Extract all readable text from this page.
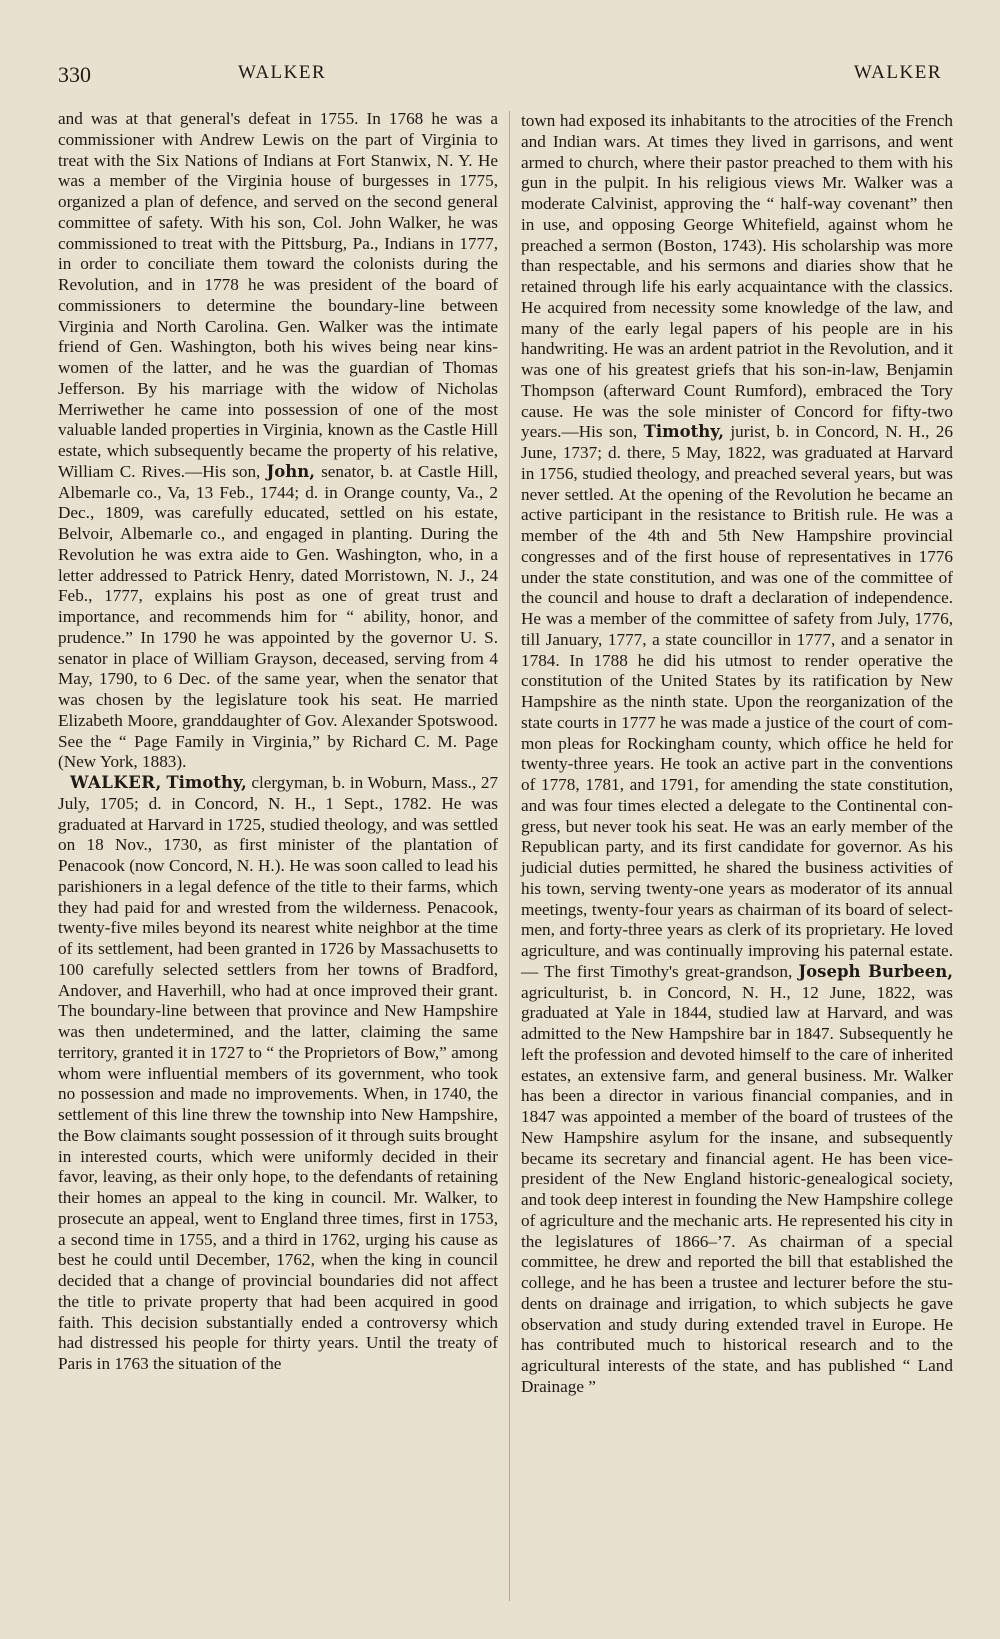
330	WALKER	WALKER

and was at that general's defeat in 1755. In 1768 he was a commissioner with Andrew Lewis on the part of Virginia to treat with the Six Nations of Indians at Fort Stanwix, N. Y. He was a member of the Virginia house of burgesses in 1775, organized a plan of defence, and served on the second general committee of safety. With his son, Col. John Walker, he was commissioned to treat with the Pittsburg, Pa., Indians in 1777, in order to conciliate them toward the colonists during the Revolution, and in 1778 he was president of the board of commissioners to determine the boundary-line between Virginia and North Carolina. Gen. Walker was the intimate friend of Gen. Washington, both his wives being near kinswomen of the latter, and he was the guardian of Thomas Jefferson. By his marriage with the widow of Nicholas Merriwether he came into possession of one of the most valuable landed properties in Virginia, known as the Castle Hill estate, which subsequently became the property of his relative, William C. Rives.—His son, John, senator, b. at Castle Hill, Albemarle co., Va, 13 Feb., 1744; d. in Orange county, Va., 2 Dec., 1809, was carefully educated, settled on his estate, Belvoir, Albemarle co., and engaged in planting. During the Revolution he was extra aide to Gen. Washington, who, in a letter addressed to Patrick Henry, dated Morristown, N. J., 24 Feb., 1777, explains his post as one of great trust and importance, and recommends him for “ ability, honor, and prudence.” In 1790 he was appointed by the governor U. S. senator in place of William Grayson, deceased, serving from 4 May, 1790, to 6 Dec. of the same year, when the senator that was chosen by the legislature took his seat. He married Elizabeth Moore, granddaughter of Gov. Alexander Spotswood. See the “ Page Family in Virginia,” by Richard C. M. Page (New York, 1883).

WALKER, Timothy, clergyman, b. in Woburn, Mass., 27 July, 1705; d. in Concord, N. H., 1 Sept., 1782. He was graduated at Harvard in 1725, studied theology, and was settled on 18 Nov., 1730, as first minister of the plantation of Penacook (now Concord, N. H.). He was soon called to lead his parishioners in a legal defence of the title to their farms, which they had paid for and wrested from the wilderness. Penacook, twenty-five miles beyond its nearest white neighbor at the time of its settlement, had been granted in 1726 by Massachusetts to 100 carefully selected settlers from her towns of Bradford, Andover, and Haverhill, who had at once improved their grant. The boundary-line between that province and New Hampshire was then undetermined, and the latter, claiming the same territory, granted it in 1727 to “ the Proprietors of Bow,” among whom were influential members of its government, who took no possession and made no improvements. When, in 1740, the settlement of this line threw the township into New Hampshire, the Bow claimants sought possession of it through suits brought in interested courts, which were uniformly decided in their favor, leaving, as their only hope, to the defendants of retaining their homes an appeal to the king in council. Mr. Walker, to prosecute an appeal, went to England three times, first in 1753, a second time in 1755, and a third in 1762, urging his cause as best he could until December, 1762, when the king in council decided that a change of provincial boundaries did not affect the title to private property that had been acquired in good faith. This decision substantially ended a controversy which had distressed his people for thirty years. Until the treaty of Paris in 1763 the situation of the

town had exposed its inhabitants to the atrocities of the French and Indian wars. At times they lived in garrisons, and went armed to church, where their pastor preached to them with his gun in the pulpit. In his religious views Mr. Walker was a moderate Calvinist, approving the “ half-way covenant” then in use, and opposing George Whitefield, against whom he preached a sermon (Boston, 1743). His scholarship was more than respectable, and his sermons and diaries show that he retained through life his early acquaintance with the classics. He acquired from necessity some knowledge of the law, and many of the early legal papers of his people are in his handwriting. He was an ardent patriot in the Revolution, and it was one of his greatest griefs that his son-in-law, Benjamin Thompson (afterward Count Rumford), embraced the Tory cause. He was the sole minister of Concord for fifty-two years.—His son, Timothy, jurist, b. in Concord, N. H., 26 June, 1737; d. there, 5 May, 1822, was graduated at Harvard in 1756, studied theology, and preached several years, but was never settled. At the opening of the Revolution he became an active participant in the resistance to British rule. He was a member of the 4th and 5th New Hampshire provincial congresses and of the first house of representatives in 1776 under the state constitution, and was one of the committee of the council and house to draft a declaration of independence. He was a member of the committee of safety from July, 1776, till January, 1777, a state councillor in 1777, and a senator in 1784. In 1788 he did his utmost to render operative the constitution of the United States by its ratification by New Hampshire as the ninth state. Upon the reorganization of the state courts in 1777 he was made a justice of the court of common pleas for Rockingham county, which office he held for twenty-three years. He took an active part in the conventions of 1778, 1781, and 1791, for amending the state constitution, and was four times elected a delegate to the Continental congress, but never took his seat. He was an early member of the Republican party, and its first candidate for governor. As his judicial duties permitted, he shared the business activities of his town, serving twenty-one years as moderator of its annual meetings, twenty-four years as chairman of its board of select-men, and forty-three years as clerk of its proprietary. He loved agriculture, and was continually improving his paternal estate.— The first Timothy's great-grandson, Joseph Burbeen, agriculturist, b. in Concord, N. H., 12 June, 1822, was graduated at Yale in 1844, studied law at Harvard, and was admitted to the New Hampshire bar in 1847. Subsequently he left the profession and devoted himself to the care of inherited estates, an extensive farm, and general business. Mr. Walker has been a director in various financial companies, and in 1847 was appointed a member of the board of trustees of the New Hampshire asylum for the insane, and subsequently became its secretary and financial agent. He has been vice-president of the New England historic-genealogical society, and took deep interest in founding the New Hampshire college of agriculture and the mechanic arts. He represented his city in the legislatures of 1866–’7. As chairman of a special committee, he drew and reported the bill that established the college, and he has been a trustee and lecturer before the students on drainage and irrigation, to which subjects he gave observation and study during extended travel in Europe. He has contributed much to historical research and to the agricultural interests of the state, and has published “ Land Drainage ”
